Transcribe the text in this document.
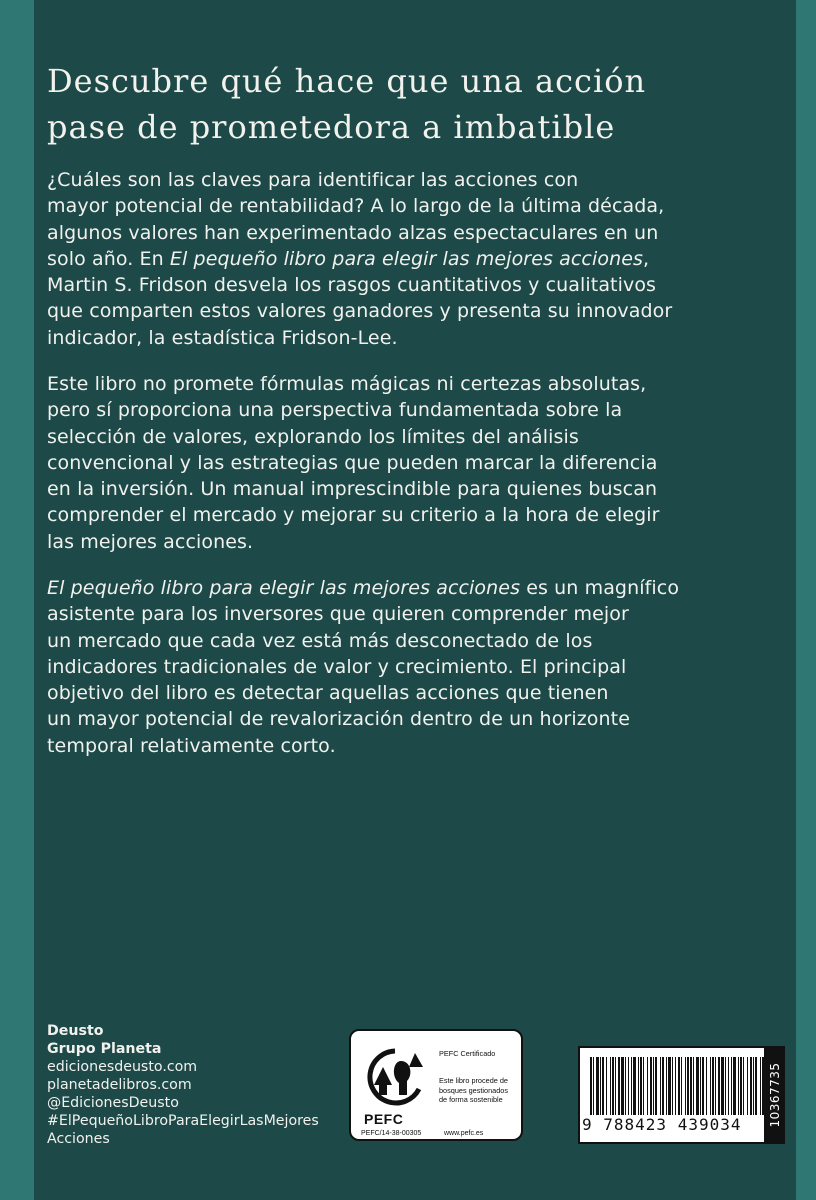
Descubre qué hace que una acción
pase de prometedora a imbatible

¿Cuáles son las claves para identificar las acciones con
mayor potencial de rentabilidad? A lo largo de la última década,
algunos valores han experimentado alzas espectaculares en un
solo año. En El pequeño libro para elegir las mejores acciones,
Martin S. Fridson desvela los rasgos cuantitativos y cualitativos
que comparten estos valores ganadores y presenta su innovador
indicador, la estadística Fridson-Lee.

Este libro no promete fórmulas mágicas ni certezas absolutas,
pero sí proporciona una perspectiva fundamentada sobre la
selección de valores, explorando los límites del análisis
convencional y las estrategias que pueden marcar la diferencia
en la inversión. Un manual imprescindible para quienes buscan
comprender el mercado y mejorar su criterio a la hora de elegir
las mejores acciones.

El pequeño libro para elegir las mejores acciones es un magnífico
asistente para los inversores que quieren comprender mejor
un mercado que cada vez está más desconectado de los
indicadores tradicionales de valor y crecimiento. El principal
objetivo del libro es detectar aquellas acciones que tienen
un mayor potencial de revalorización dentro de un horizonte
temporal relativamente corto.

Deusto
Grupo Planeta
edicionesdeusto.com
planetadelibros.com
@EdicionesDeusto
#ElPequeñoLibroParaElegirLasMejores
Acciones
PEFC
PEFC/14-38-00305
PEFC Certificado
Este libro procede de
bosques gestionados
de forma sostenible
www.pefc.es	9 788423 439034 10367735
